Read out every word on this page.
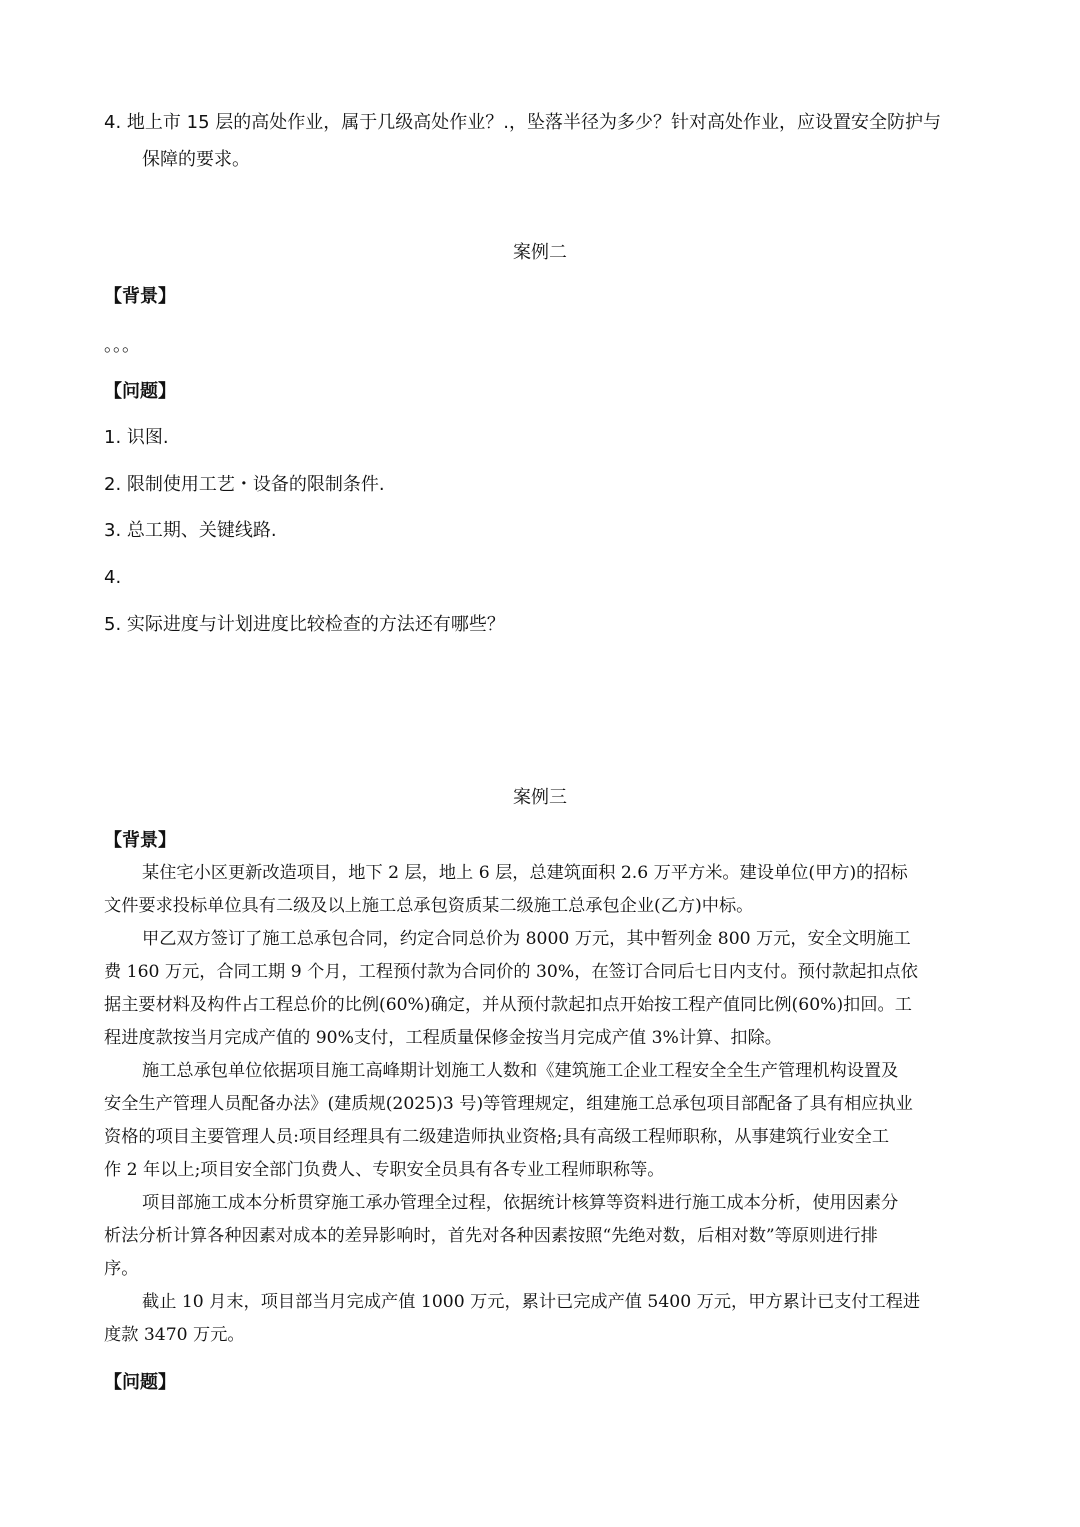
4. 地上市 15 层的高处作业，属于几级高处作业？.，坠落半径为多少？针对高处作业，应设置安全防护与
保障的要求。
案例二
【背景】
。。。
【问题】
1. 识图.
2. 限制使用工艺・设备的限制条件.
3. 总工期、关键线路.
4.
5. 实际进度与计划进度比较检查的方法还有哪些？
案例三
【背景】
某住宅小区更新改造项目，地下 2 层，地上 6 层，总建筑面积 2.6 万平方米。建设单位(甲方)的招标
文件要求投标单位具有二级及以上施工总承包资质某二级施工总承包企业(乙方)中标。
甲乙双方签订了施工总承包合同，约定合同总价为 8000 万元，其中暂列金 800 万元，安全文明施工
费 160 万元，合同工期 9 个月，工程预付款为合同价的 30%，在签订合同后七日内支付。预付款起扣点依
据主要材料及构件占工程总价的比例(60%)确定，并从预付款起扣点开始按工程产值同比例(60%)扣回。工
程进度款按当月完成产值的 90%支付，工程质量保修金按当月完成产值 3%计算、扣除。
施工总承包单位依据项目施工高峰期计划施工人数和《建筑施工企业工程安全全生产管理机构设置及
安全生产管理人员配备办法》(建质规(2025)3 号)等管理规定，组建施工总承包项目部配备了具有相应执业
资格的项目主要管理人员:项目经理具有二级建造师执业资格;具有高级工程师职称，从事建筑行业安全工
作 2 年以上;项目安全部门负费人、专职安全员具有各专业工程师职称等。
项目部施工成本分析贯穿施工承办管理全过程，依据统计核算等资料进行施工成本分析，使用因素分
析法分析计算各种因素对成本的差异影响时，首先对各种因素按照“先绝对数，后相对数”等原则进行排
序。
截止 10 月末，项目部当月完成产值 1000 万元，累计已完成产值 5400 万元，甲方累计已支付工程进
度款 3470 万元。
【问题】
